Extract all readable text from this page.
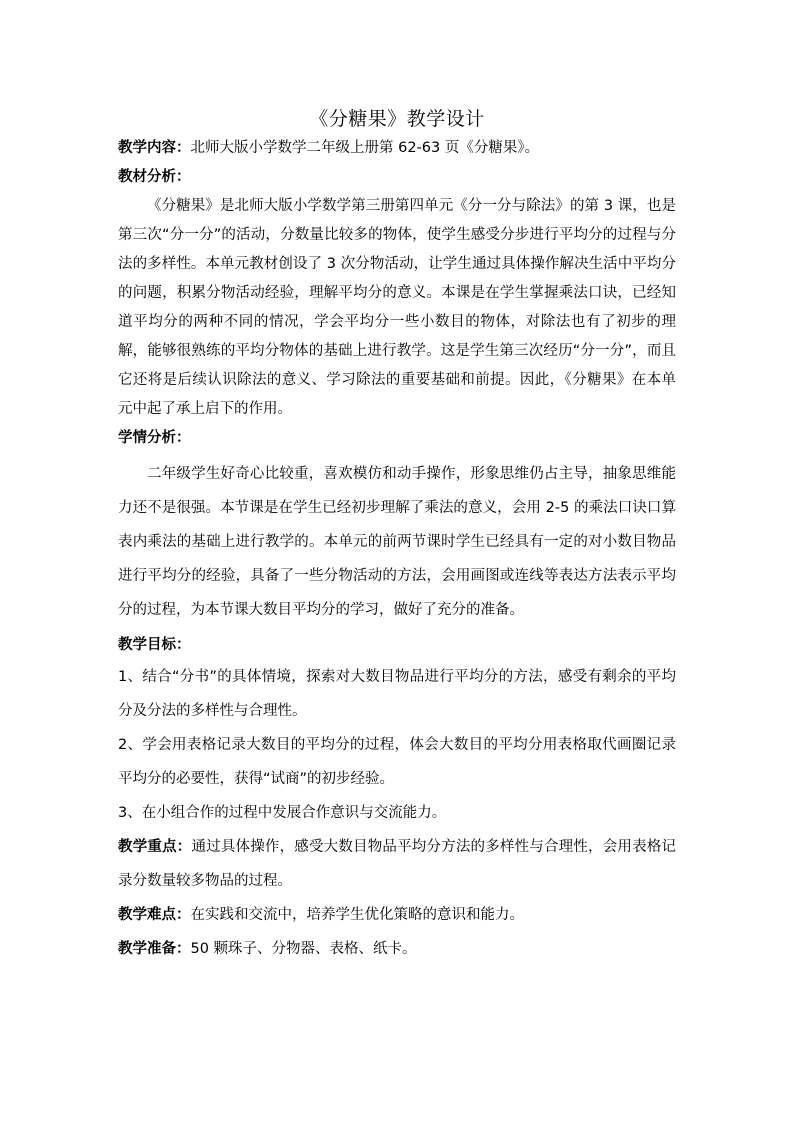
《分糖果》教学设计

教学内容：北师大版小学数学二年级上册第 62-63 页《分糖果》。

教材分析：

《分糖果》是北师大版小学数学第三册第四单元《分一分与除法》的第 3 课，也是第三次“分一分”的活动，分数量比较多的物体，使学生感受分步进行平均分的过程与分法的多样性。本单元教材创设了 3 次分物活动，让学生通过具体操作解决生活中平均分的问题，积累分物活动经验，理解平均分的意义。本课是在学生掌握乘法口诀，已经知道平均分的两种不同的情况，学会平均分一些小数目的物体，对除法也有了初步的理解，能够很熟练的平均分物体的基础上进行教学。这是学生第三次经历“分一分”，而且它还将是后续认识除法的意义、学习除法的重要基础和前提。因此，《分糖果》在本单元中起了承上启下的作用。

学情分析：

二年级学生好奇心比较重，喜欢模仿和动手操作，形象思维仍占主导，抽象思维能力还不是很强。本节课是在学生已经初步理解了乘法的意义，会用 2-5 的乘法口诀口算表内乘法的基础上进行教学的。本单元的前两节课时学生已经具有一定的对小数目物品进行平均分的经验，具备了一些分物活动的方法，会用画图或连线等表达方法表示平均分的过程，为本节课大数目平均分的学习，做好了充分的准备。

教学目标：

1、结合“分书”的具体情境，探索对大数目物品进行平均分的方法，感受有剩余的平均分及分法的多样性与合理性。

2、学会用表格记录大数目的平均分的过程，体会大数目的平均分用表格取代画圈记录平均分的必要性，获得“试商”的初步经验。

3、在小组合作的过程中发展合作意识与交流能力。

教学重点：通过具体操作，感受大数目物品平均分方法的多样性与合理性，会用表格记录分数量较多物品的过程。

教学难点：在实践和交流中，培养学生优化策略的意识和能力。

教学准备：50 颗珠子、分物器、表格、纸卡。
